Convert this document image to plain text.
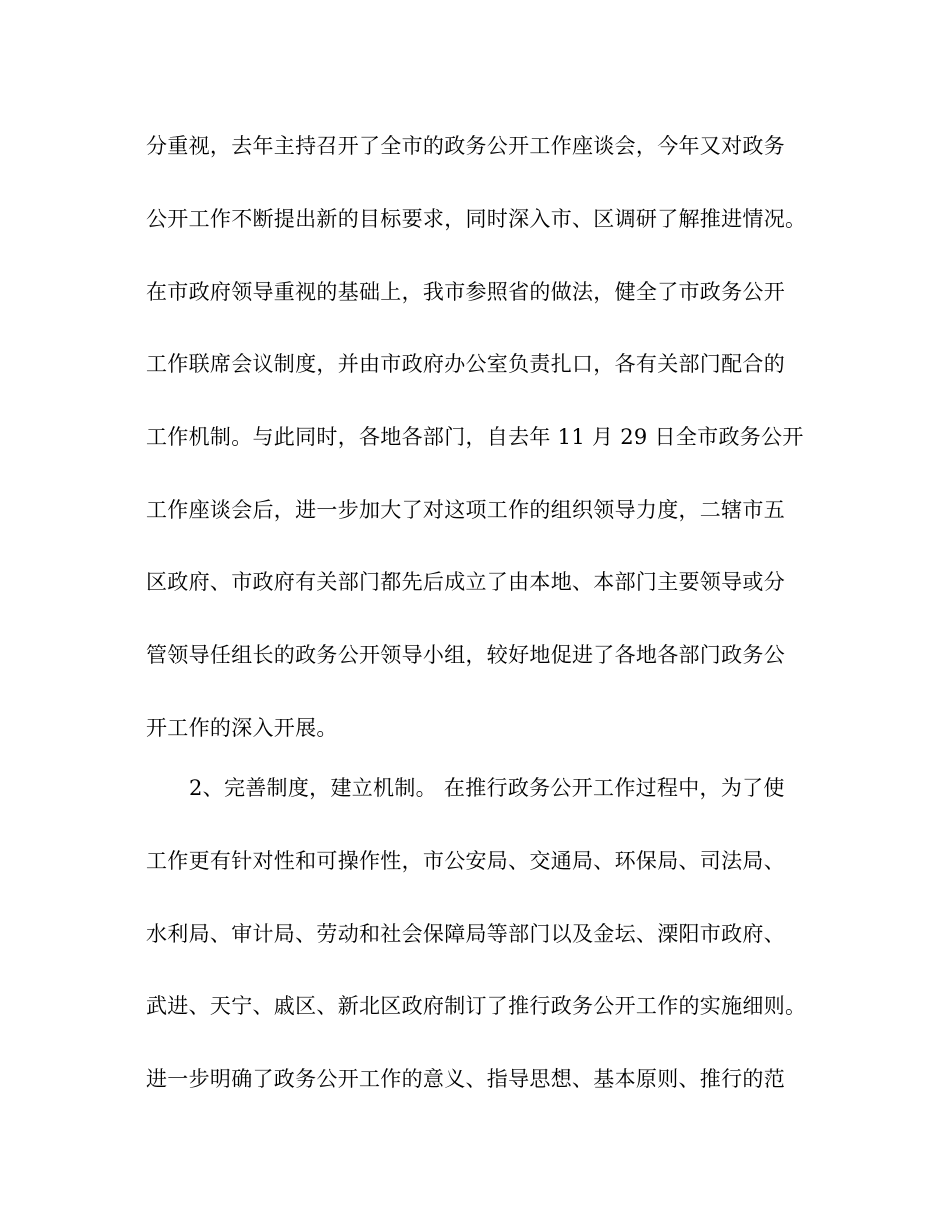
分重视，去年主持召开了全市的政务公开工作座谈会，今年又对政务
公开工作不断提出新的目标要求，同时深入市、区调研了解推进情况。
在市政府领导重视的基础上，我市参照省的做法，健全了市政务公开
工作联席会议制度，并由市政府办公室负责扎口，各有关部门配合的
工作机制。与此同时，各地各部门，自去年 11 月 29 日全市政务公开
工作座谈会后，进一步加大了对这项工作的组织领导力度，二辖市五
区政府、市政府有关部门都先后成立了由本地、本部门主要领导或分
管领导任组长的政务公开领导小组，较好地促进了各地各部门政务公
开工作的深入开展。
2、完善制度，建立机制。 在推行政务公开工作过程中，为了使
工作更有针对性和可操作性，市公安局、交通局、环保局、司法局、
水利局、审计局、劳动和社会保障局等部门以及金坛、溧阳市政府、
武进、天宁、戚区、新北区政府制订了推行政务公开工作的实施细则。
进一步明确了政务公开工作的意义、指导思想、基本原则、推行的范
